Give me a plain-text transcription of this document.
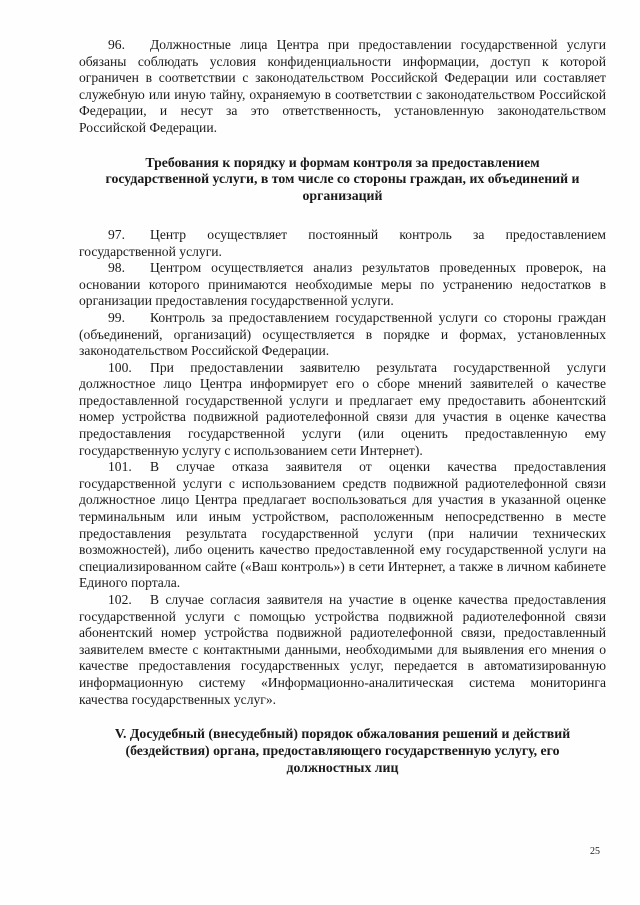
96. Должностные лица Центра при предоставлении государственной услуги обязаны соблюдать условия конфиденциальности информации, доступ к которой ограничен в соответствии с законодательством Российской Федерации или составляет служебную или иную тайну, охраняемую в соответствии с законодательством Российской Федерации, и несут за это ответственность, установленную законодательством Российской Федерации.

Требования к порядку и формам контроля за предоставлением государственной услуги, в том числе со стороны граждан, их объединений и организаций

97. Центр осуществляет постоянный контроль за предоставлением государственной услуги.

98. Центром осуществляется анализ результатов проведенных проверок, на основании которого принимаются необходимые меры по устранению недостатков в организации предоставления государственной услуги.

99. Контроль за предоставлением государственной услуги со стороны граждан (объединений, организаций) осуществляется в порядке и формах, установленных законодательством Российской Федерации.

100. При предоставлении заявителю результата государственной услуги должностное лицо Центра информирует его о сборе мнений заявителей о качестве предоставленной государственной услуги и предлагает ему предоставить абонентский номер устройства подвижной радиотелефонной связи для участия в оценке качества предоставления государственной услуги (или оценить предоставленную ему государственную услугу с использованием сети Интернет).

101. В случае отказа заявителя от оценки качества предоставления государственной услуги с использованием средств подвижной радиотелефонной связи должностное лицо Центра предлагает воспользоваться для участия в указанной оценке терминальным или иным устройством, расположенным непосредственно в месте предоставления результата государственной услуги (при наличии технических возможностей), либо оценить качество предоставленной ему государственной услуги на специализированном сайте («Ваш контроль») в сети Интернет, а также в личном кабинете Единого портала.

102. В случае согласия заявителя на участие в оценке качества предоставления государственной услуги с помощью устройства подвижной радиотелефонной связи абонентский номер устройства подвижной радиотелефонной связи, предоставленный заявителем вместе с контактными данными, необходимыми для выявления его мнения о качестве предоставления государственных услуг, передается в автоматизированную информационную систему «Информационно-аналитическая система мониторинга качества государственных услуг».

V. Досудебный (внесудебный) порядок обжалования решений и действий (бездействия) органа, предоставляющего государственную услугу, его должностных лиц

25
